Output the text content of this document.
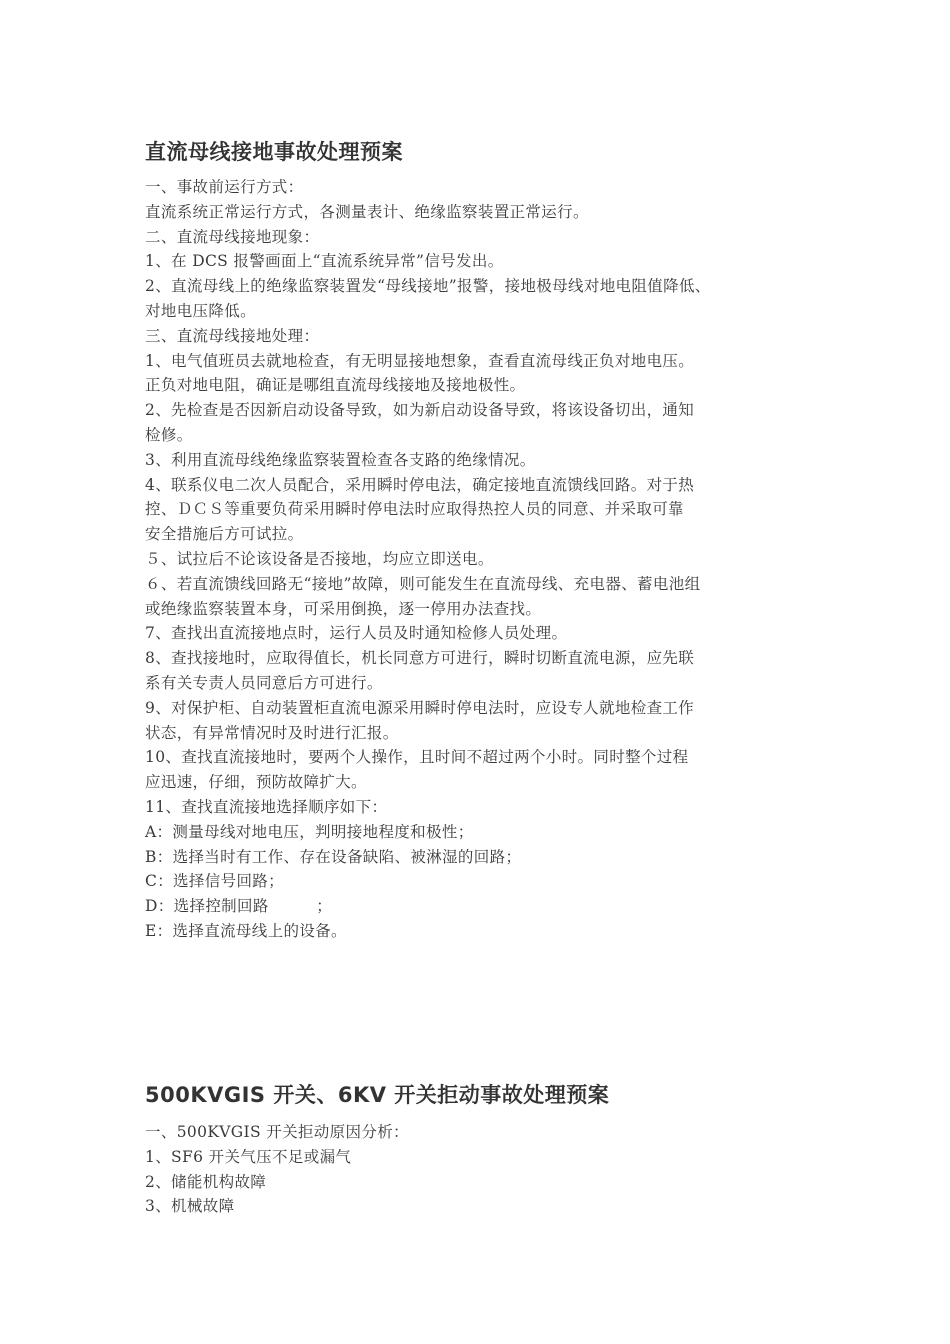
直流母线接地事故处理预案

一、事故前运行方式：

直流系统正常运行方式，各测量表计、绝缘监察装置正常运行。

二、直流母线接地现象：

1、在 DCS 报警画面上“直流系统异常”信号发出。

2、直流母线上的绝缘监察装置发“母线接地”报警，接地极母线对地电阻值降低、

对地电压降低。

三、直流母线接地处理：

1、电气值班员去就地检查，有无明显接地想象，查看直流母线正负对地电压。

正负对地电阻，确证是哪组直流母线接地及接地极性。

2、先检查是否因新启动设备导致，如为新启动设备导致，将该设备切出，通知

检修。

3、利用直流母线绝缘监察装置检查各支路的绝缘情况。

4、联系仪电二次人员配合，采用瞬时停电法，确定接地直流馈线回路。对于热

控、ＤＣＳ等重要负荷采用瞬时停电法时应取得热控人员的同意、并采取可靠

安全措施后方可试拉。

５、试拉后不论该设备是否接地，均应立即送电。

６、若直流馈线回路无“接地”故障，则可能发生在直流母线、充电器、蓄电池组

或绝缘监察装置本身，可采用倒换，逐一停用办法查找。

7、查找出直流接地点时，运行人员及时通知检修人员处理。

8、查找接地时，应取得值长，机长同意方可进行，瞬时切断直流电源，应先联

系有关专责人员同意后方可进行。

9、对保护柜、自动装置柜直流电源采用瞬时停电法时，应设专人就地检查工作

状态，有异常情况时及时进行汇报。

10、查找直流接地时，要两个人操作，且时间不超过两个小时。同时整个过程

应迅速，仔细，预防故障扩大。

11、查找直流接地选择顺序如下：

A：测量母线对地电压，判明接地程度和极性；

B：选择当时有工作、存在设备缺陷、被淋湿的回路；

C：选择信号回路；

D：选择控制回路　　　；

E：选择直流母线上的设备。

500KVGIS 开关、6KV 开关拒动事故处理预案

一、500KVGIS 开关拒动原因分析：

1、SF6 开关气压不足或漏气

2、储能机构故障

3、机械故障
